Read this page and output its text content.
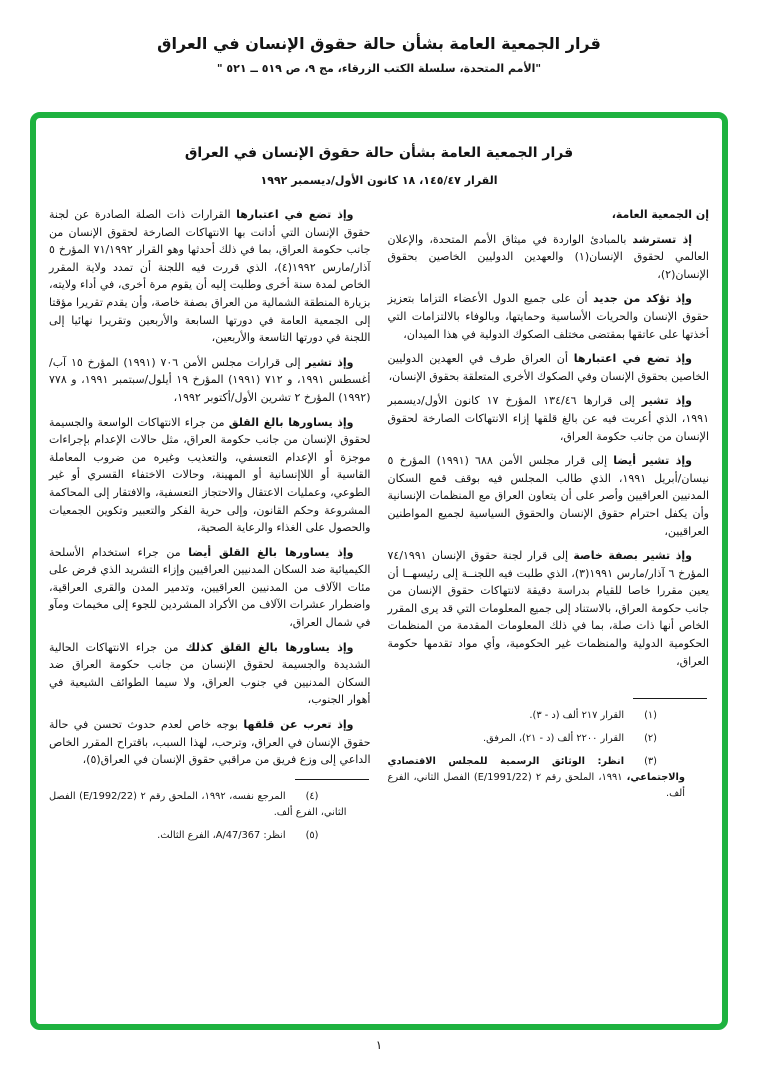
قرار الجمعية العامة بشأن حالة حقوق الإنسان في العراق
"الأمم المتحدة، سلسلة الكتب الزرقاء، مج ٩، ص ٥١٩ ــ ٥٢١ "
قرار الجمعية العامة بشأن حالة حقوق الإنسان في العراق
القرار ١٤٥/٤٧، ١٨ كانون الأول/ديسمبر ١٩٩٢

إن الجمعية العامة،

إذ تسترشد بالمبادئ الواردة في ميثاق الأمم المتحدة، والإعلان العالمي لحقوق الإنسان(١) والعهدين الدوليين الخاصين بحقوق الإنسان(٢)،

وإذ تؤكد من جديد أن على جميع الدول الأعضاء التزاما بتعزيز حقوق الإنسان والحريات الأساسية وحمايتها، وبالوفاء بالالتزامات التي أخذتها على عاتقها بمقتضى مختلف الصكوك الدولية في هذا الميدان،

وإذ تضع في اعتبارها أن العراق طرف في العهدين الدوليين الخاصين بحقوق الإنسان وفي الصكوك الأخرى المتعلقة بحقوق الإنسان،

وإذ تشير إلى قرارها ١٣٤/٤٦ المؤرخ ١٧ كانون الأول/ديسمبر ١٩٩١، الذي أعربت فيه عن بالغ قلقها إزاء الانتهاكات الصارخة لحقوق الإنسان من جانب حكومة العراق،

وإذ تشير أيضا إلى قرار مجلس الأمن ٦٨٨ (١٩٩١) المؤرخ ٥ نيسان/أبريل ١٩٩١، الذي طالب المجلس فيه بوقف قمع السكان المدنيين العراقيين وأصر على أن يتعاون العراق مع المنظمات الإنسانية وأن يكفل احترام حقوق الإنسان والحقوق السياسية لجميع المواطنين العراقيين،

وإذ تشير بصفة خاصة إلى قرار لجنة حقوق الإنسان ٧٤/١٩٩١ المؤرخ ٦ آذار/مارس ١٩٩١(٣)، الذي طلبت فيه اللجنــة إلى رئيسهــا أن يعين مقررا خاصا للقيام بدراسة دقيقة لانتهاكات حقوق الإنسان من جانب حكومة العراق، بالاستناد إلى جميع المعلومات التي قد يرى المقرر الخاص أنها ذات صلة، بما في ذلك المعلومات المقدمة من المنظمات الحكومية الدولية والمنظمات غير الحكومية، وأي مواد تقدمها حكومة العراق،

(١)القرار ٢١٧ ألف (د - ٣).

(٢)القرار ٢٢٠٠ ألف (د - ٢١)، المرفق.

(٣)انظر: الوثائق الرسمية للمجلس الاقتصادي والاجتماعي، ١٩٩١، الملحق رقم ٢ (E/1991/22) الفصل الثاني، الفرع ألف.

وإذ تضع في اعتبارها القرارات ذات الصلة الصادرة عن لجنة حقوق الإنسان التي أدانت بها الانتهاكات الصارخة لحقوق الإنسان من جانب حكومة العراق، بما في ذلك أحدثها وهو القرار ٧١/١٩٩٢ المؤرخ ٥ آذار/مارس ١٩٩٢(٤)، الذي قررت فيه اللجنة أن تمدد ولاية المقرر الخاص لمدة سنة أخرى وطلبت إليه أن يقوم مرة أخرى، في أداء ولايته، بزيارة المنطقة الشمالية من العراق بصفة خاصة، وأن يقدم تقريرا مؤقتا إلى الجمعية العامة في دورتها السابعة والأربعين وتقريرا نهائيا إلى اللجنة في دورتها التاسعة والأربعين،

وإذ تشير إلى قرارات مجلس الأمن ٧٠٦ (١٩٩١) المؤرخ ١٥ آب/أغسطس ١٩٩١، و ٧١٢ (١٩٩١) المؤرخ ١٩ أيلول/سبتمبر ١٩٩١، و ٧٧٨ (١٩٩٢) المؤرخ ٢ تشرين الأول/أكتوبر ١٩٩٢،

وإذ يساورها بالغ القلق من جراء الانتهاكات الواسعة والجسيمة لحقوق الإنسان من جانب حكومة العراق، مثل حالات الإعدام بإجراءات موجزة أو الإعدام التعسفي، والتعذيب وغيره من ضروب المعاملة القاسية أو اللاإنسانية أو المهينة، وحالات الاختفاء القسري أو غير الطوعي، وعمليات الاعتقال والاحتجاز التعسفية، والافتقار إلى المحاكمة المشروعة وحكم القانون، وإلى حرية الفكر والتعبير وتكوين الجمعيات والحصول على الغذاء والرعاية الصحية،

وإذ يساورها بالغ القلق أيضا من جراء استخدام الأسلحة الكيميائية ضد السكان المدنيين العراقيين وإزاء التشريد الذي فرض على مئات الآلاف من المدنيين العراقيين، وتدمير المدن والقرى العراقية، واضطرار عشرات الآلاف من الأكراد المشردين للجوء إلى مخيمات ومآو في شمال العراق،

وإذ يساورها بالغ القلق كذلك من جراء الانتهاكات الحالية الشديدة والجسيمة لحقوق الإنسان من جانب حكومة العراق ضد السكان المدنيين في جنوب العراق، ولا سيما الطوائف الشيعية في أهوار الجنوب،

وإذ تعرب عن قلقها بوجه خاص لعدم حدوث تحسن في حالة حقوق الإنسان في العراق، وترحب، لهذا السبب، باقتراح المقرر الخاص الداعي إلى وزع فريق من مراقبي حقوق الإنسان في العراق(٥)،

(٤)المرجع نفسه، ١٩٩٢، الملحق رقم ٢ (E/1992/22) الفصل الثاني، الفرع ألف.

(٥)انظر: A/47/367، الفرع الثالث.

١
